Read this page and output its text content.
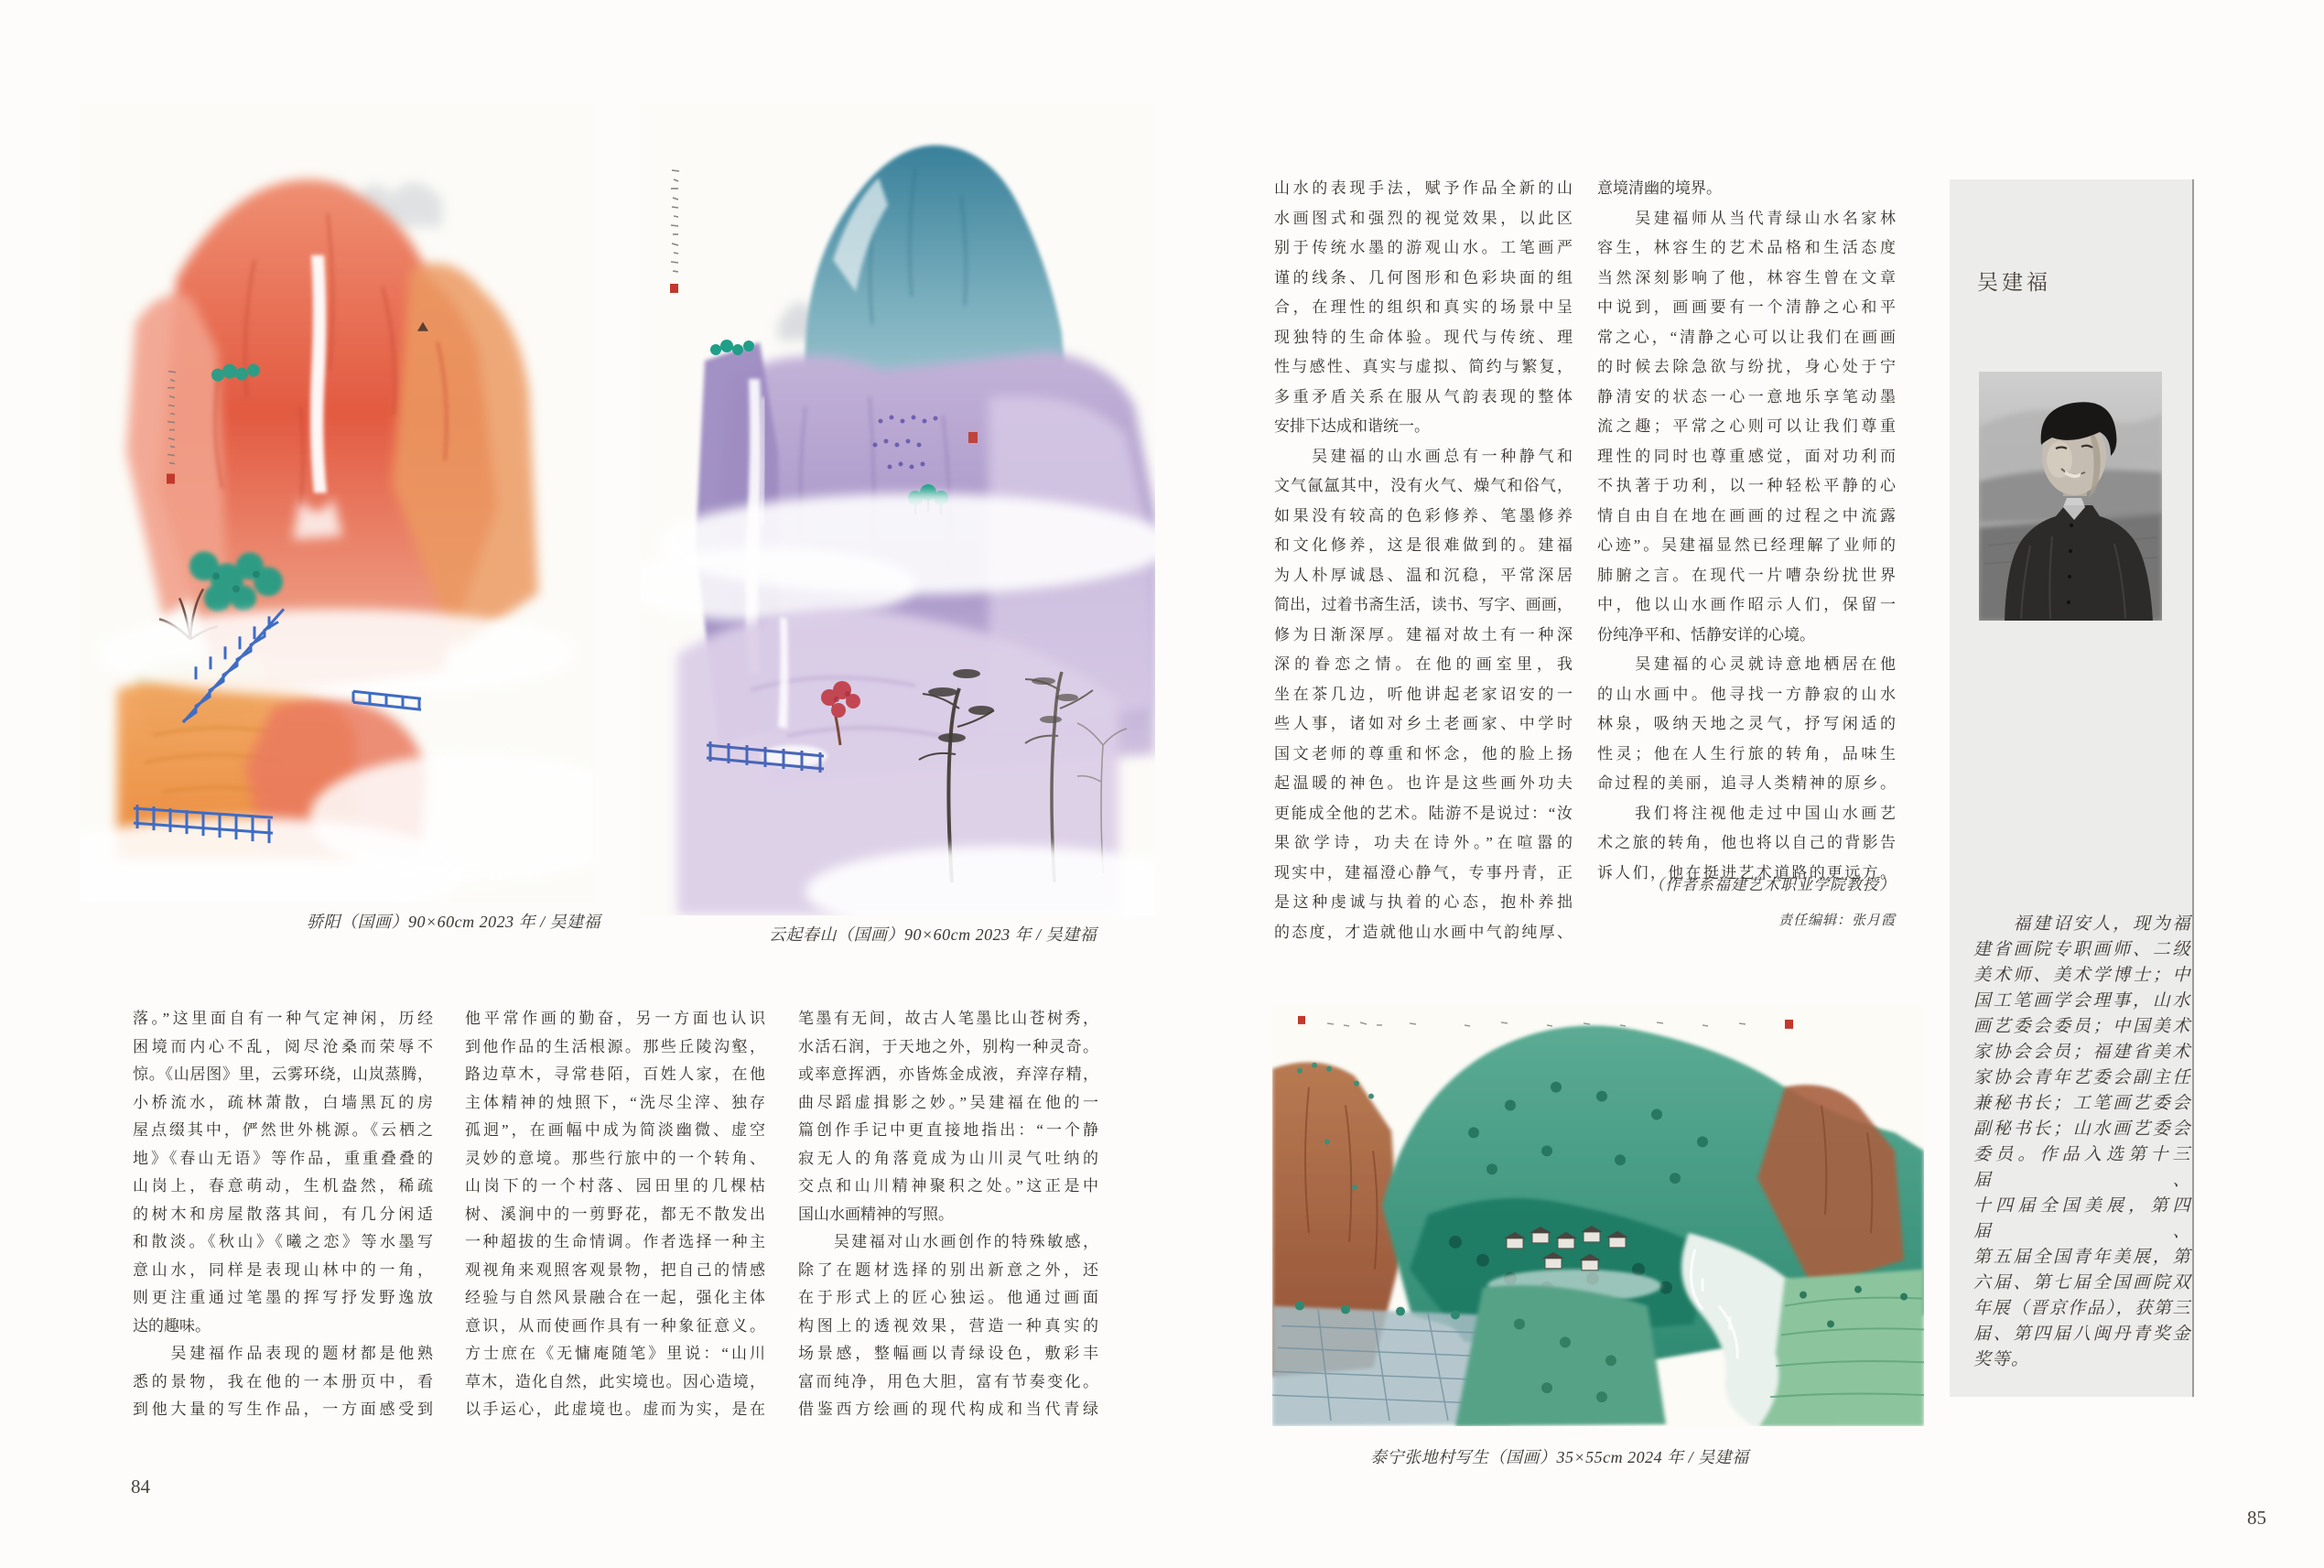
骄阳（国画）90×60cm 2023 年 / 吴建福
云起春山（国画）90×60cm 2023 年 / 吴建福
落。”这里面自有一种气定神闲，历经
困境而内心不乱，阅尽沧桑而荣辱不
惊。《山居图》里，云雾环绕，山岚蒸腾，
小桥流水，疏林萧散，白墙黑瓦的房
屋点缀其中，俨然世外桃源。《云栖之
地》《春山无语》等作品，重重叠叠的
山岗上，春意萌动，生机盎然，稀疏
的树木和房屋散落其间，有几分闲适
和散淡。《秋山》《曦之恋》等水墨写
意山水，同样是表现山林中的一角，
则更注重通过笔墨的挥写抒发野逸放
达的趣味。
　　吴建福作品表现的题材都是他熟
悉的景物，我在他的一本册页中，看
到他大量的写生作品，一方面感受到
他平常作画的勤奋，另一方面也认识
到他作品的生活根源。那些丘陵沟壑，
路边草木，寻常巷陌，百姓人家，在他
主体精神的烛照下，“洗尽尘滓、独存
孤迥”，在画幅中成为简淡幽微、虚空
灵妙的意境。那些行旅中的一个转角、
山岗下的一个村落、园田里的几棵枯
树、溪涧中的一剪野花，都无不散发出
一种超拔的生命情调。作者选择一种主
观视角来观照客观景物，把自己的情感
经验与自然风景融合在一起，强化主体
意识，从而使画作具有一种象征意义。
方士庶在《无慵庵随笔》里说：“山川
草木，造化自然，此实境也。因心造境，
以手运心，此虚境也。虚而为实，是在
笔墨有无间，故古人笔墨比山苍树秀，
水活石润，于天地之外，别构一种灵奇。
或率意挥洒，亦皆炼金成液，弃滓存精，
曲尽蹈虚揖影之妙。”吴建福在他的一
篇创作手记中更直接地指出：“一个静
寂无人的角落竟成为山川灵气吐纳的
交点和山川精神聚积之处。”这正是中
国山水画精神的写照。
　　吴建福对山水画创作的特殊敏感，
除了在题材选择的别出新意之外，还
在于形式上的匠心独运。他通过画面
构图上的透视效果，营造一种真实的
场景感，整幅画以青绿设色，敷彩丰
富而纯净，用色大胆，富有节奏变化。
借鉴西方绘画的现代构成和当代青绿
84
山水的表现手法，赋予作品全新的山
水画图式和强烈的视觉效果，以此区
别于传统水墨的游观山水。工笔画严
谨的线条、几何图形和色彩块面的组
合，在理性的组织和真实的场景中呈
现独特的生命体验。现代与传统、理
性与感性、真实与虚拟、简约与繁复，
多重矛盾关系在服从气韵表现的整体
安排下达成和谐统一。
　　吴建福的山水画总有一种静气和
文气氤氲其中，没有火气、燥气和俗气，
如果没有较高的色彩修养、笔墨修养
和文化修养，这是很难做到的。建福
为人朴厚诚恳、温和沉稳，平常深居
简出，过着书斋生活，读书、写字、画画，
修为日渐深厚。建福对故土有一种深
深的眷恋之情。在他的画室里，我
坐在茶几边，听他讲起老家诏安的一
些人事，诸如对乡土老画家、中学时
国文老师的尊重和怀念，他的脸上扬
起温暖的神色。也许是这些画外功夫
更能成全他的艺术。陆游不是说过：“汝
果欲学诗，功夫在诗外。”在喧嚣的
现实中，建福澄心静气，专事丹青，正
是这种虔诚与执着的心态，抱朴养拙
的态度，才造就他山水画中气韵纯厚、
意境清幽的境界。
　　吴建福师从当代青绿山水名家林
容生，林容生的艺术品格和生活态度
当然深刻影响了他，林容生曾在文章
中说到，画画要有一个清静之心和平
常之心，“清静之心可以让我们在画画
的时候去除急欲与纷扰，身心处于宁
静清安的状态一心一意地乐享笔动墨
流之趣；平常之心则可以让我们尊重
理性的同时也尊重感觉，面对功利而
不执著于功利，以一种轻松平静的心
情自由自在地在画画的过程之中流露
心迹”。吴建福显然已经理解了业师的
肺腑之言。在现代一片嘈杂纷扰世界
中，他以山水画作昭示人们，保留一
份纯净平和、恬静安详的心境。
　　吴建福的心灵就诗意地栖居在他
的山水画中。他寻找一方静寂的山水
林泉，吸纳天地之灵气，抒写闲适的
性灵；他在人生行旅的转角，品味生
命过程的美丽，追寻人类精神的原乡。
　　我们将注视他走过中国山水画艺
术之旅的转角，他也将以自己的背影告
诉人们，他在挺进艺术道路的更远方。
（作者系福建艺术职业学院教授）
责任编辑：张月霞
泰宁张地村写生（国画）35×55cm 2024 年 / 吴建福
吴建福
　　福建诏安人，现为福
建省画院专职画师、二级
美术师、美术学博士；中
国工笔画学会理事，山水
画艺委会委员；中国美术
家协会会员；福建省美术
家协会青年艺委会副主任
兼秘书长；工笔画艺委会
副秘书长；山水画艺委会
委员。作品入选第十三届、
十四届全国美展，第四届、
第五届全国青年美展，第
六届、第七届全国画院双
年展（晋京作品），获第三
届、第四届八闽丹青奖金
奖等。
85
